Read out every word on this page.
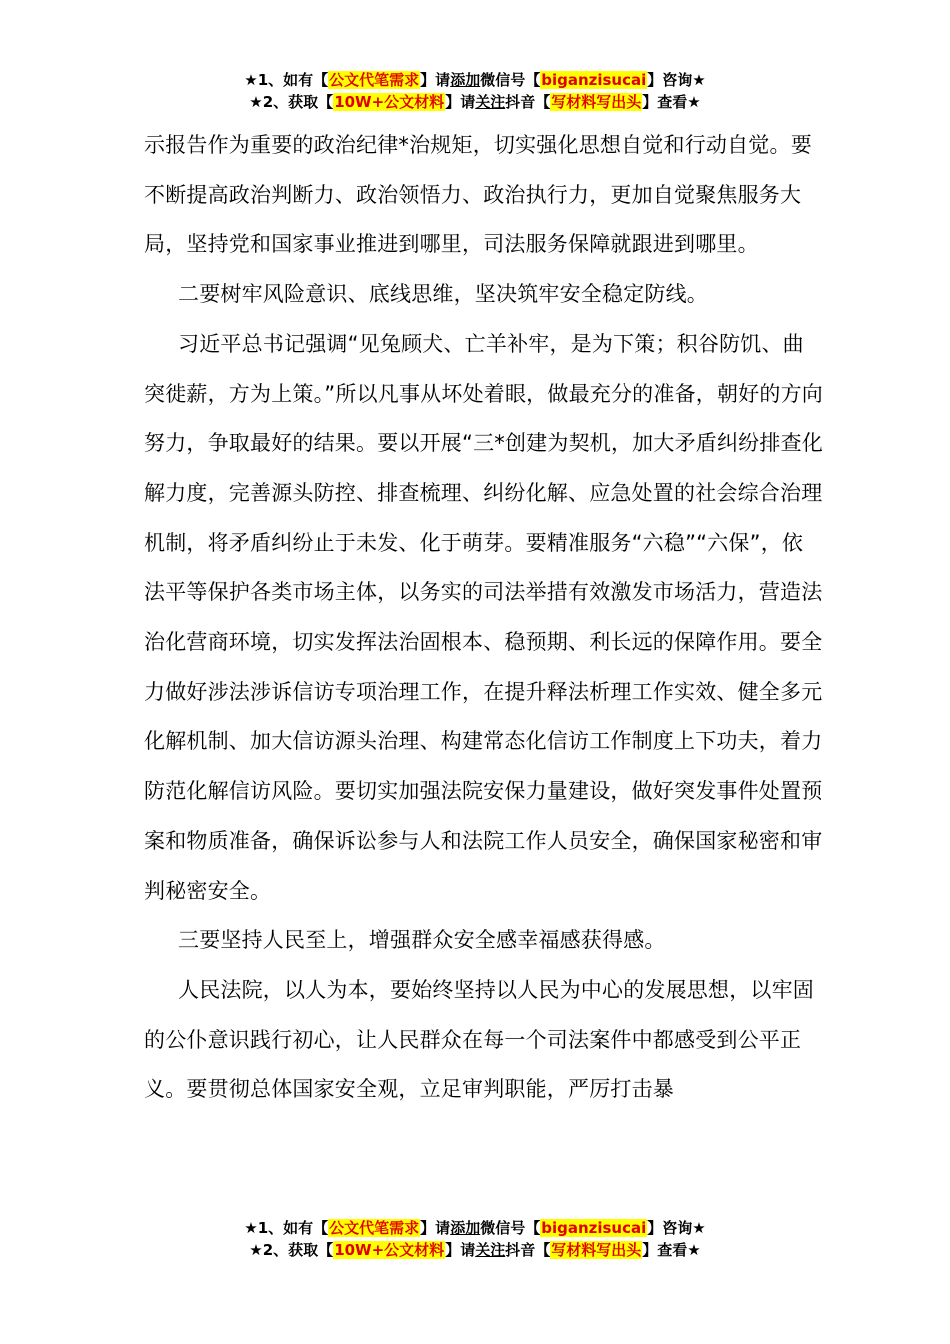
★1、如有【公文代笔需求】请添加微信号【biganzisucai】咨询★
★2、获取【10W+公文材料】请关注抖音【写材料写出头】查看★

示报告作为重要的政治纪律*治规矩，切实强化思想自觉和行动自觉。要不断提高政治判断力、政治领悟力、政治执行力，更加自觉聚焦服务大局，坚持党和国家事业推进到哪里，司法服务保障就跟进到哪里。

二要树牢风险意识、底线思维，坚决筑牢安全稳定防线。

习近平总书记强调“见兔顾犬、亡羊补牢，是为下策；积谷防饥、曲突徙薪，方为上策。”所以凡事从坏处着眼，做最充分的准备，朝好的方向努力，争取最好的结果。要以开展“三*创建为契机，加大矛盾纠纷排查化解力度，完善源头防控、排查梳理、纠纷化解、应急处置的社会综合治理机制，将矛盾纠纷止于未发、化于萌芽。要精准服务“六稳”“六保”，依法平等保护各类市场主体，以务实的司法举措有效激发市场活力，营造法治化营商环境，切实发挥法治固根本、稳预期、利长远的保障作用。要全力做好涉法涉诉信访专项治理工作，在提升释法析理工作实效、健全多元化解机制、加大信访源头治理、构建常态化信访工作制度上下功夫，着力防范化解信访风险。要切实加强法院安保力量建设，做好突发事件处置预案和物质准备，确保诉讼参与人和法院工作人员安全，确保国家秘密和审判秘密安全。

三要坚持人民至上，增强群众安全感幸福感获得感。

人民法院，以人为本，要始终坚持以人民为中心的发展思想，以牢固的公仆意识践行初心，让人民群众在每一个司法案件中都感受到公平正义。要贯彻总体国家安全观，立足审判职能，严厉打击暴

★1、如有【公文代笔需求】请添加微信号【biganzisucai】咨询★
★2、获取【10W+公文材料】请关注抖音【写材料写出头】查看★
